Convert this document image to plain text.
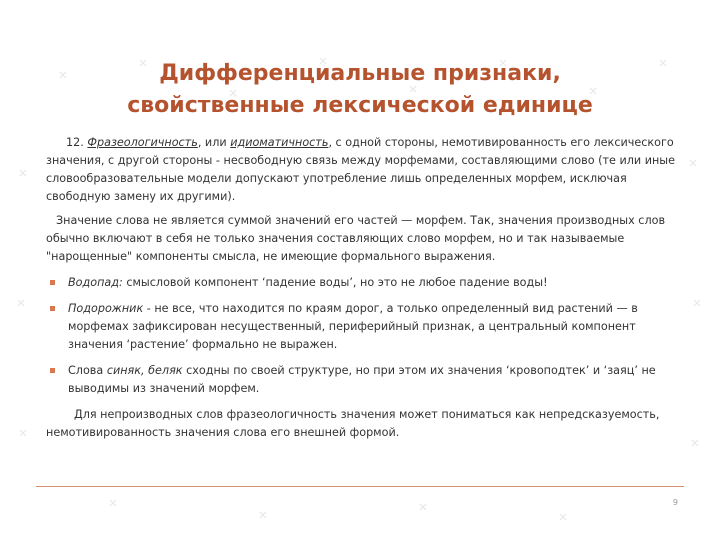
Дифференциальные признаки,
свойственные лексической единице

12. Фразеологичность, или идиоматичность, с одной стороны, немотивированность его лексического значения, с другой стороны - несвободную связь между морфемами, составляющими слово (те или иные словообразовательные модели допускают употребление лишь определенных морфем, исключая свободную замену их другими).

Значение слова не является суммой значений его частей — морфем. Так, значения производных слов обычно включают в себя не только значения составляющих слово морфем, но и так называемые "нарощенные" компоненты смысла, не имеющие формального выражения.

Водопад: смысловой компонент ‘падение воды’, но это не любое падение воды!
Подорожник - не все, что находится по краям дорог, а только определенный вид растений — в морфемах зафиксирован несущественный, периферийный признак, а центральный компонент значения ‘растение’ формально не выражен.
Слова синяк, беляк сходны по своей структуре, но при этом их значения ‘кровоподтек’ и ‘заяц’ не выводимы из значений морфем.

Для непроизводных слов фразеологичность значения может пониматься как непредсказуемость, немотивированность значения слова его внешней формой.

9
